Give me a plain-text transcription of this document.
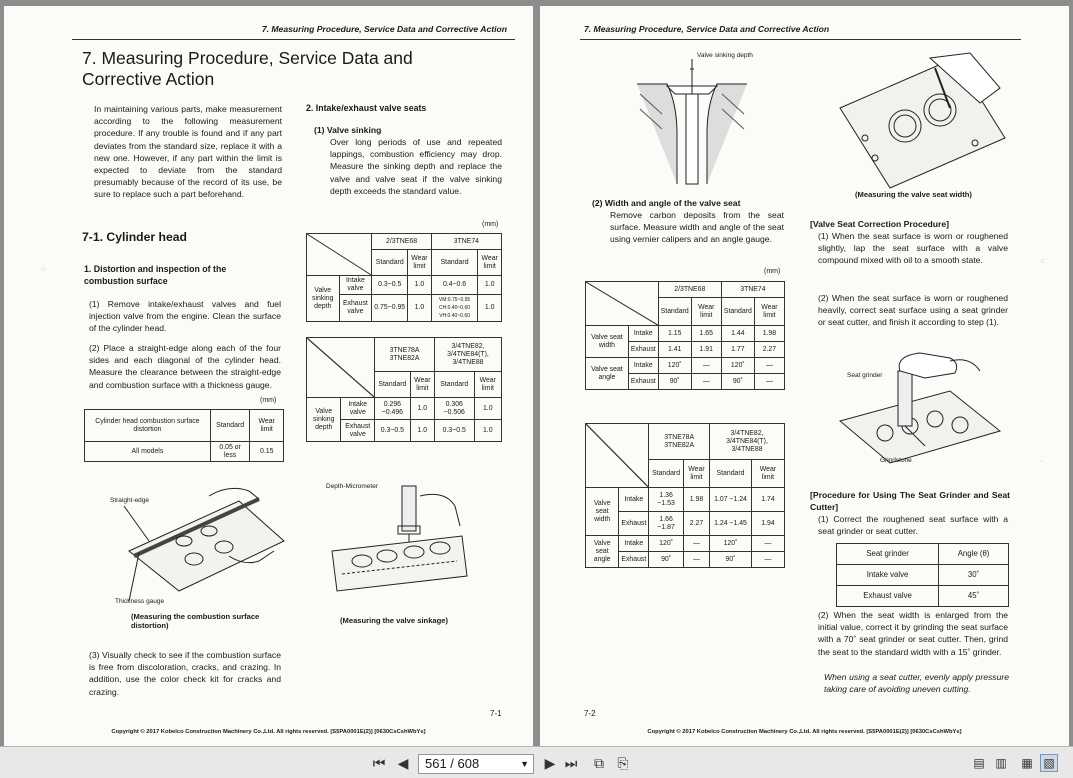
7. Measuring Procedure, Service Data and Corrective Action
7. Measuring Procedure, Service Data and Corrective Action
In maintaining various parts, make measurement according to the following measurement procedure. If any trouble is found and if any part deviates from the standard size, replace it with a new one. However, if any part within the limit is expected to deviate from the standard presumably because of the record of its use, be sure to replace such a part beforehand.
7-1. Cylinder head
1. Distortion and inspection of the combustion surface
(1) Remove intake/exhaust valves and fuel injection valve from the engine. Clean the surface of the cylinder head.
(2) Place a straight-edge along each of the four sides and each diagonal of the cylinder head. Measure the clearance between the straight-edge and combustion surface with a thickness gauge.
(mm)
Cylinder head combustion surface distortion	Standard	Wear limit
All models	0.05 or less	0.15
Straight-edge
Thickness gauge
(Measuring the combustion surface distortion)
(3) Visually check to see if the combustion surface is free from discoloration, cracks, and crazing. In addition, use the color check kit for cracks and crazing.
2. Intake/exhaust valve seats
(1) Valve sinking
Over long periods of use and repeated lappings, combustion efficiency may drop. Measure the sinking depth and replace the valve and valve seat if the valve sinking depth exceeds the standard value.
(mm)
	2/3TNE68		3TNE74	
		Standard	Wear limit	Standard	Wear limit
Valve sinking depth	Intake valve	0.3~0.5	1.0	0.4~0.6	1.0
	Exhaust valve	0.75~0.95	1.0	VM:0.75~0.95 CH:0.40~0.60 VH:0.40~0.60	1.0
	3TNE78A 3TNE82A		3/4TNE82, 3/4TNE84(T), 3/4TNE88	
		Standard	Wear limit	Standard	Wear limit
Valve sinking depth	Intake valve	0.296 ~0.496	1.0	0.306 ~0.506	1.0
	Exhaust valve	0.3~0.5	1.0	0.3~0.5	1.0
Depth-Micrometer
(Measuring the valve sinkage)
7-1
Copyright © 2017 Kobelco Construction Machinery Co.,Ltd. All rights reserved. [S5PA0001E(2)] [0630CsCshWbYs]
·:·
7. Measuring Procedure, Service Data and Corrective Action
Valve sinking depth
(Measuring the valve seat width)
(2) Width and angle of the valve seat
Remove carbon deposits from the seat surface. Measure width and angle of the seat using vernier calipers and an angle gauge.
(mm)
	2/3TNE68		3TNE74	
		Standard	Wear limit	Standard	Wear limit
Valve seat width	Intake	1.15	1.65	1.44	1.98
	Exhaust	1.41	1.91	1.77	2.27
Valve seat angle	Intake	120˚	—	120˚	—
	Exhaust	90˚	—	90˚	—
	3TNE78A 3TNE82A		3/4TNE82, 3/4TNE84(T), 3/4TNE88	
		Standard	Wear limit	Standard	Wear limit
Valve seat width	Intake	1.36 ~1.53	1.98	1.07 ~1.24	1.74
	Exhaust	1.66 ~1.87	2.27	1.24 ~1.45	1.94
Valve seat angle	Intake	120˚	—	120˚	—
	Exhaust	90˚	—	90˚	—
[Valve Seat Correction Procedure]
(1) When the seat surface is worn or roughened slightly, lap the seat surface with a valve compound mixed with oil to a smooth state.
(2) When the seat surface is worn or roughened heavily, correct seat surface using a seat grinder or seat cutter, and finish it according to step (1).
Seat grinder
Grindstone
[Procedure for Using The Seat Grinder and Seat Cutter]
(1) Correct the roughened seat surface with a seat grinder or seat cutter.
Seat grinder	Angle (θ)
Intake valve	30˚
Exhaust valve	45˚
(2) When the seat width is enlarged from the initial value, correct it by grinding the seat surface with a 70˚ seat grinder or seat cutter. Then, grind the seat to the standard width with a 15˚ grinder.
When using a seat cutter, evenly apply pressure taking care of avoiding uneven cutting.
7-2
Copyright © 2017 Kobelco Construction Machinery Co.,Ltd. All rights reserved. [S5PA0001E(2)] [0630CsCshWbYs]
·:
·
⏮ ◀	561 / 608	▼ ▶ ⏭ ⧉ ⎘	▤ ▥ ▦ ▧
